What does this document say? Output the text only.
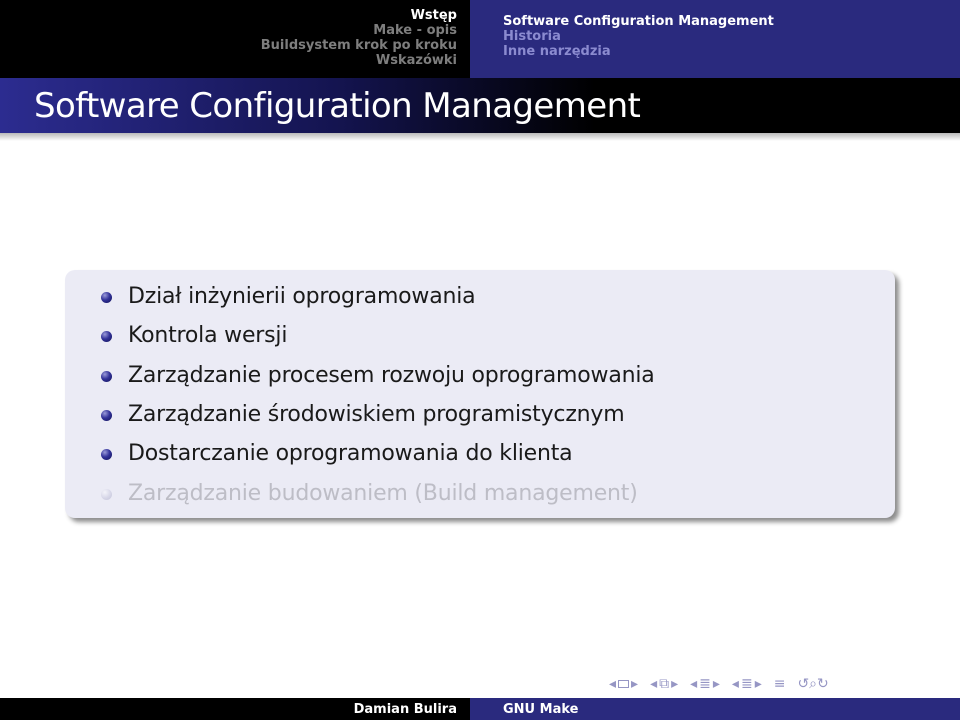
Wstęp
Make - opis
Buildsystem krok po kroku
Wskazówki
Software Configuration Management
Historia
Inne narzędzia
Software Configuration Management
Dział inżynierii oprogramowania
Kontrola wersji
Zarządzanie procesem rozwoju oprogramowania
Zarządzanie środowiskiem programistycznym
Dostarczanie oprogramowania do klienta
Zarządzanie budowaniem (Build management)
◂ ▸ ◂ ⧉ ▸ ◂ ≣ ▸ ◂ ≣ ▸ ≡ ↺⌕↻
Damian Bulira	GNU Make
